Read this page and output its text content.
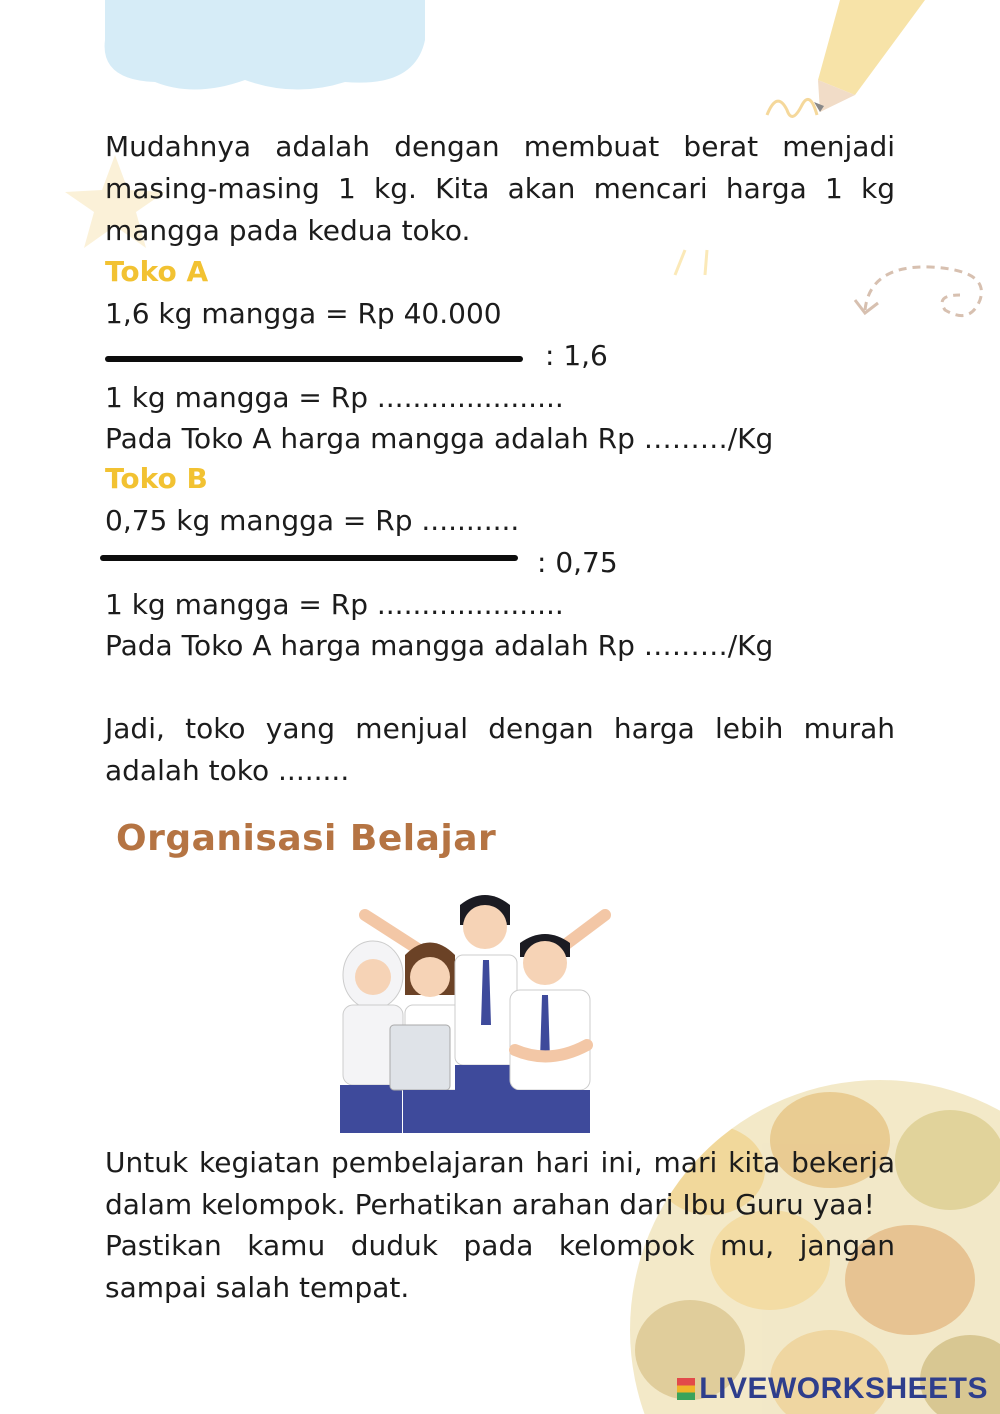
Mudahnya adalah dengan membuat berat menjadi masing-masing 1 kg. Kita akan mencari harga 1 kg mangga pada kedua toko.
Toko A
1,6 kg mangga = Rp 40.000
: 1,6
1 kg mangga = Rp .....................
Pada Toko A harga mangga adalah Rp ………/Kg
Toko B
0,75 kg mangga = Rp ...........
: 0,75
1 kg mangga = Rp .....................
Pada Toko A harga mangga adalah Rp ………/Kg
Jadi, toko yang menjual dengan harga lebih murah adalah toko ........
Organisasi Belajar
Untuk kegiatan pembelajaran hari ini, mari kita bekerja dalam kelompok. Perhatikan arahan dari Ibu Guru yaa!
Pastikan kamu duduk pada kelompok mu, jangan sampai salah tempat.
LIVEWORKSHEETS
